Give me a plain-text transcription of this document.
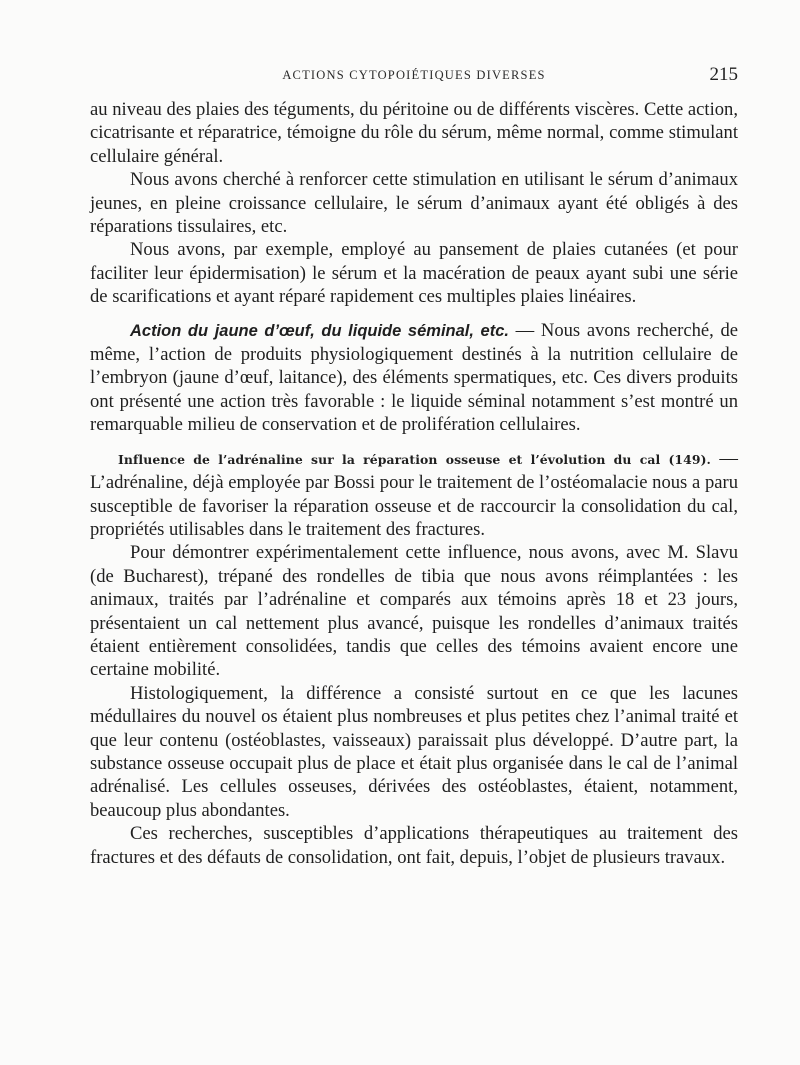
ACTIONS CYTOPOIÉTIQUES DIVERSES	215

au niveau des plaies des téguments, du péritoine ou de différents viscères. Cette action, cicatrisante et réparatrice, témoigne du rôle du sérum, même normal, comme stimulant cellulaire général.

Nous avons cherché à renforcer cette stimulation en utilisant le sérum d’animaux jeunes, en pleine croissance cellulaire, le sérum d’animaux ayant été obligés à des réparations tissulaires, etc.

Nous avons, par exemple, employé au pansement de plaies cutanées (et pour faciliter leur épidermisation) le sérum et la macération de peaux ayant subi une série de scarifications et ayant réparé rapidement ces multiples plaies linéaires.

Action du jaune d’œuf, du liquide séminal, etc. — Nous avons recherché, de même, l’action de produits physiologiquement destinés à la nutrition cellulaire de l’embryon (jaune d’œuf, laitance), des éléments spermatiques, etc. Ces divers produits ont présenté une action très favorable : le liquide séminal notamment s’est montré un remarquable milieu de conservation et de prolifération cellulaires.

Influence de l’adrénaline sur la réparation osseuse et l’évolution du cal (149). — L’adrénaline, déjà employée par Bossi pour le traitement de l’ostéomalacie nous a paru susceptible de favoriser la réparation osseuse et de raccourcir la consolidation du cal, propriétés utilisables dans le traitement des fractures.

Pour démontrer expérimentalement cette influence, nous avons, avec M. Slavu (de Bucharest), trépané des rondelles de tibia que nous avons réimplantées : les animaux, traités par l’adrénaline et comparés aux témoins après 18 et 23 jours, présentaient un cal nettement plus avancé, puisque les rondelles d’animaux traités étaient entièrement consolidées, tandis que celles des témoins avaient encore une certaine mobilité.

Histologiquement, la différence a consisté surtout en ce que les lacunes médullaires du nouvel os étaient plus nombreuses et plus petites chez l’animal traité et que leur contenu (ostéoblastes, vaisseaux) paraissait plus développé. D’autre part, la substance osseuse occupait plus de place et était plus organisée dans le cal de l’animal adrénalisé. Les cellules osseuses, dérivées des ostéoblastes, étaient, notamment, beaucoup plus abondantes.

Ces recherches, susceptibles d’applications thérapeutiques au traitement des fractures et des défauts de consolidation, ont fait, depuis, l’objet de plusieurs travaux.
